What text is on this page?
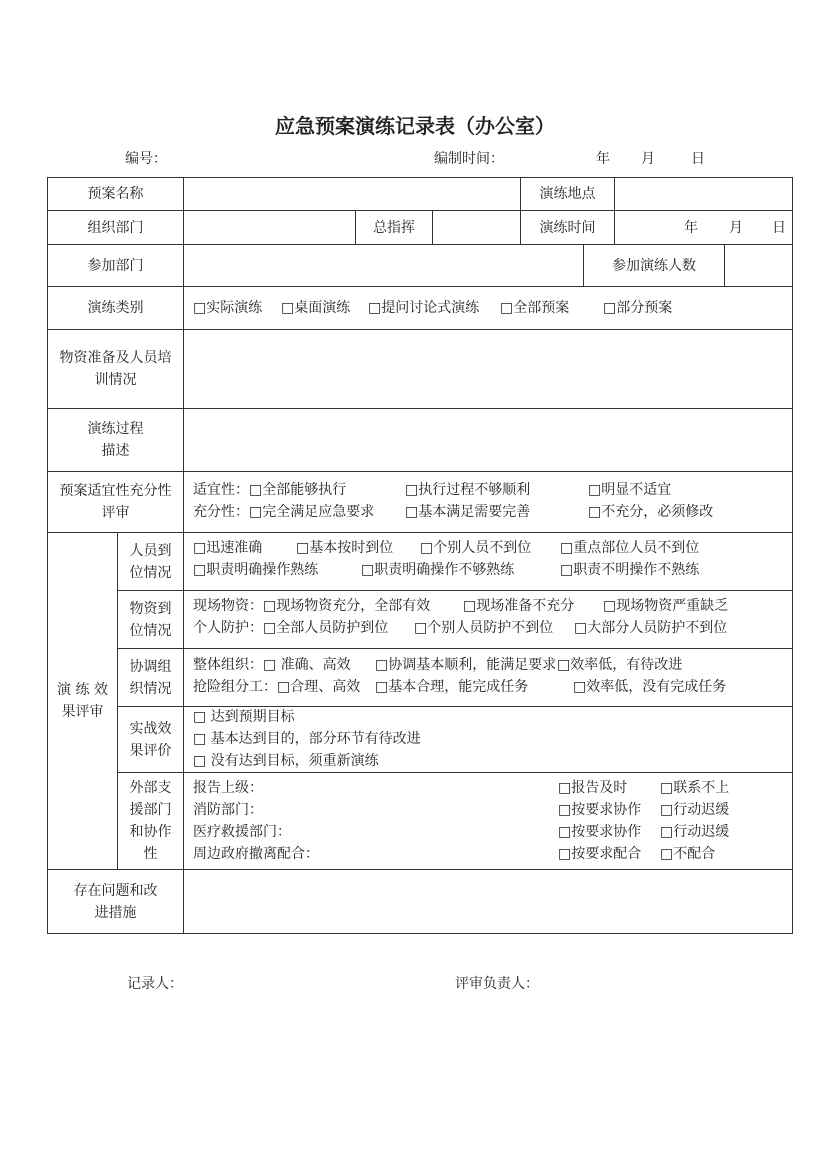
应急预案演练记录表（办公室）
编号：	编制时间：	年 月	日
预案名称	演练地点
组织部门	总指挥	演练时间	年 月 日
参加部门	参加演练人数
演练类别	□实际演练 □桌面演练 □提问讨论式演练 □全部预案 □部分预案
物资准备及人员培训情况
演练过程描述
预案适宜性充分性评审
适宜性：□全部能够执行	□执行过程不够顺利	□明显不适宜
充分性：□完全满足应急要求 □基本满足需要完善	□不充分，必须修改
演 练 效果评审
人员到位情况
□迅速准确 □基本按时到位 □个别人员不到位 □重点部位人员不到位
□职责明确操作熟练	□职责明确操作不够熟练	□职责不明操作不熟练
物资到位情况
现场物资：□现场物资充分，全部有效 □现场准备不充分 □现场物资严重缺乏
个人防护：□全部人员防护到位 □个别人员防护不到位 □大部分人员防护不到位
协调组织情况
整体组织：□ 准确、高效 □协调基本顺利，能满足要求 □效率低，有待改进
抢险组分工：□合理、高效 □基本合理，能完成任务	□效率低，没有完成任务
实战效果评价
□ 达到预期目标
□ 基本达到目的，部分环节有待改进
□ 没有达到目标，须重新演练
外部支援部门和协作性
报告上级：	□报告及时 □联系不上
消防部门：	□按要求协作 □行动迟缓
医疗救援部门：	□按要求协作 □行动迟缓
周边政府撤离配合：	□按要求配合 □不配合
存在问题和改进措施
记录人：	评审负责人：
